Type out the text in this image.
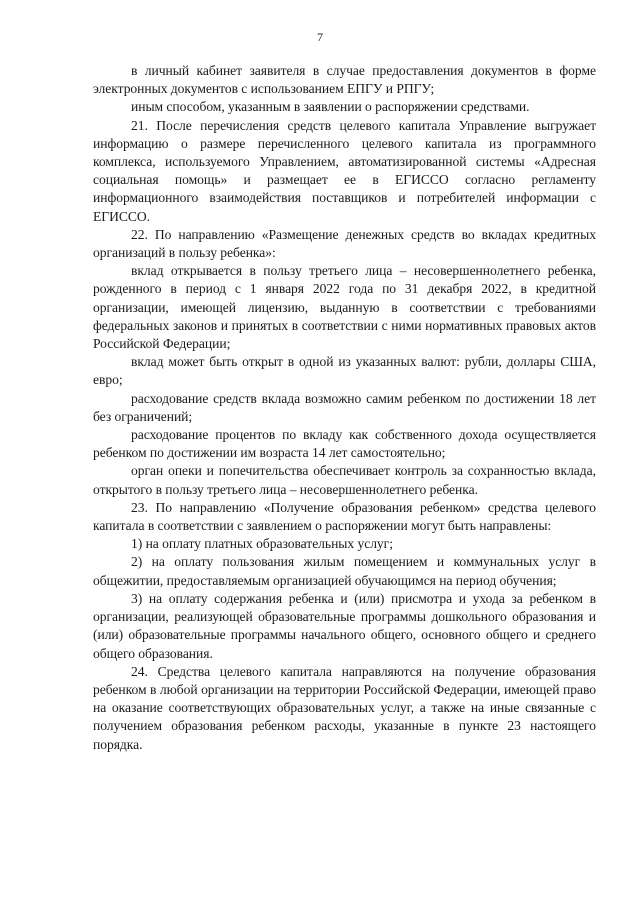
7

в личный кабинет заявителя в случае предоставления документов в форме электронных документов с использованием ЕПГУ и РПГУ;

иным способом, указанным в заявлении о распоряжении средствами.

21. После перечисления средств целевого капитала Управление выгружает информацию о размере перечисленного целевого капитала из программного комплекса, используемого Управлением, автоматизированной системы «Адресная социальная помощь» и размещает ее в ЕГИССО согласно регламенту информационного взаимодействия поставщиков и потребителей информации с ЕГИССО.

22. По направлению «Размещение денежных средств во вкладах кредитных организаций в пользу ребенка»:

вклад открывается в пользу третьего лица – несовершеннолетнего ребенка, рожденного в период с 1 января 2022 года по 31 декабря 2022, в кредитной организации, имеющей лицензию, выданную в соответствии с требованиями федеральных законов и принятых в соответствии с ними нормативных правовых актов Российской Федерации;

вклад может быть открыт в одной из указанных валют: рубли, доллары США, евро;

расходование средств вклада возможно самим ребенком по достижении 18 лет без ограничений;

расходование процентов по вкладу как собственного дохода осуществляется ребенком по достижении им возраста 14 лет самостоятельно;

орган опеки и попечительства обеспечивает контроль за сохранностью вклада, открытого в пользу третьего лица – несовершеннолетнего ребенка.

23. По направлению «Получение образования ребенком» средства целевого капитала в соответствии с заявлением о распоряжении могут быть направлены:

1) на оплату платных образовательных услуг;

2) на оплату пользования жилым помещением и коммунальных услуг в общежитии, предоставляемым организацией обучающимся на период обучения;

3) на оплату содержания ребенка и (или) присмотра и ухода за ребенком в организации, реализующей образовательные программы дошкольного образования и (или) образовательные программы начального общего, основного общего и среднего общего образования.

24. Средства целевого капитала направляются на получение образования ребенком в любой организации на территории Российской Федерации, имеющей право на оказание соответствующих образовательных услуг, а также на иные связанные с получением образования ребенком расходы, указанные в пункте 23 настоящего порядка.
